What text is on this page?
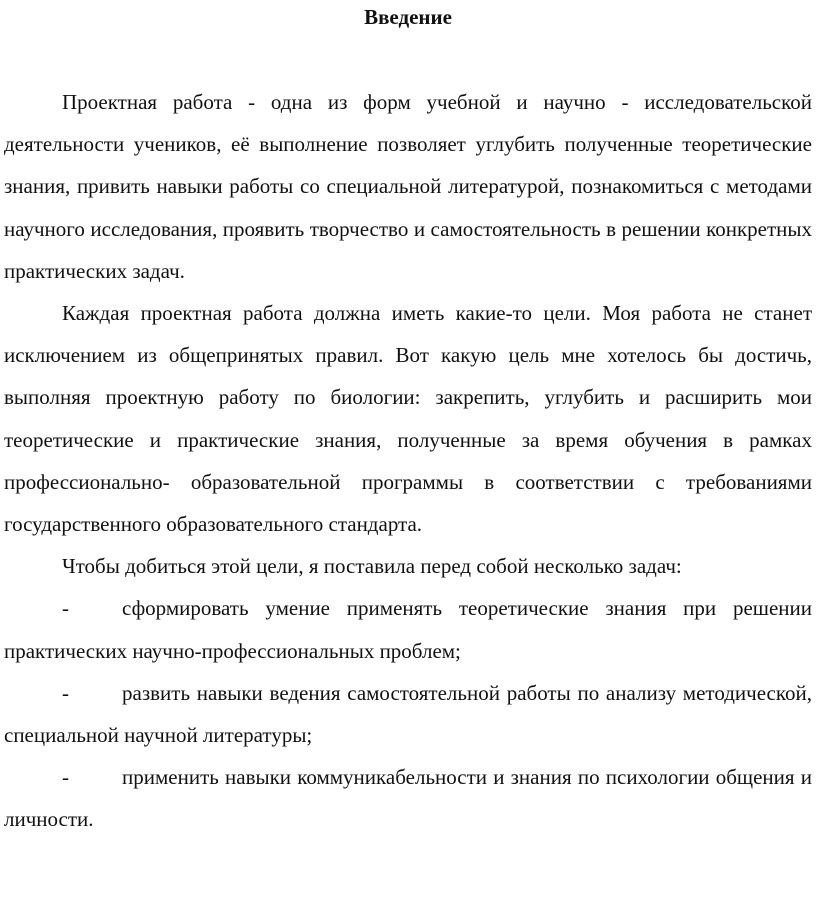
Введение

Проектная работа - одна из форм учебной и научно - исследовательской деятельности учеников, её выполнение позволяет углубить полученные теоретические знания, привить навыки работы со специальной литературой, познакомиться с методами научного исследования, проявить творчество и самостоятельность в решении конкретных практических задач.

Каждая проектная работа должна иметь какие-то цели. Моя работа не станет исключением из общепринятых правил. Вот какую цель мне хотелось бы достичь, выполняя проектную работу по биологии: закрепить, углубить и расширить мои теоретические и практические знания, полученные за время обучения в рамках профессионально- образовательной программы в соответствии с требованиями государственного образовательного стандарта.

Чтобы добиться этой цели, я поставила перед собой несколько задач:

-	сформировать умение применять теоретические знания при решении практических научно-профессиональных проблем;

-	развить навыки ведения самостоятельной работы по анализу методической, специальной научной литературы;

-	применить навыки коммуникабельности и знания по психологии общения и личности.
